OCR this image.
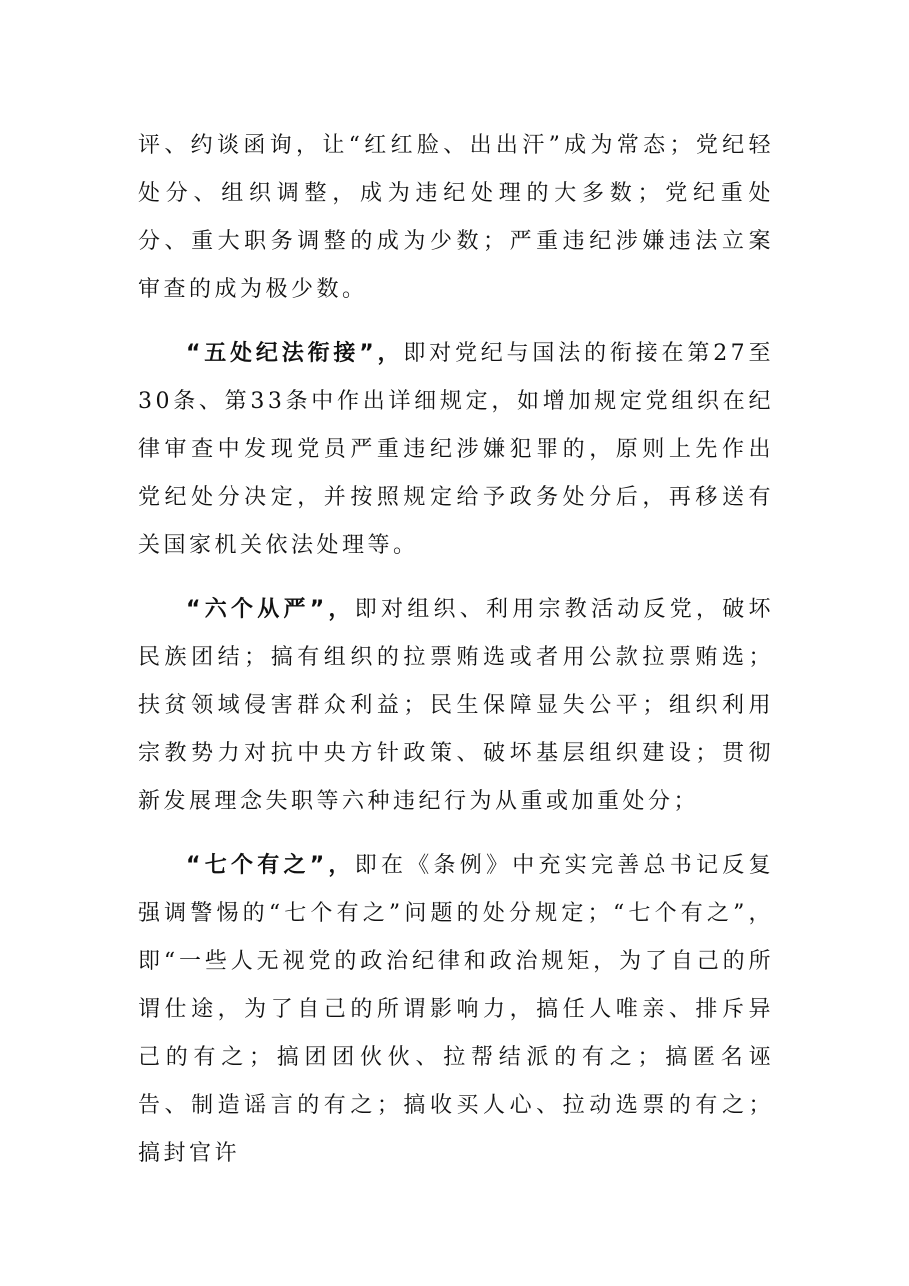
评、约谈函询，让“红红脸、出出汗”成为常态；党纪轻处分、组织调整，成为违纪处理的大多数；党纪重处分、重大职务调整的成为少数；严重违纪涉嫌违法立案审查的成为极少数。

“五处纪法衔接”，即对党纪与国法的衔接在第27至30条、第33条中作出详细规定，如增加规定党组织在纪律审查中发现党员严重违纪涉嫌犯罪的，原则上先作出党纪处分决定，并按照规定给予政务处分后，再移送有关国家机关依法处理等。

“六个从严”，即对组织、利用宗教活动反党，破坏民族团结；搞有组织的拉票贿选或者用公款拉票贿选；扶贫领域侵害群众利益；民生保障显失公平；组织利用宗教势力对抗中央方针政策、破坏基层组织建设；贯彻新发展理念失职等六种违纪行为从重或加重处分；

“七个有之”，即在《条例》中充实完善总书记反复强调警惕的“七个有之”问题的处分规定；“七个有之”，即“一些人无视党的政治纪律和政治规矩，为了自己的所谓仕途，为了自己的所谓影响力，搞任人唯亲、排斥异己的有之；搞团团伙伙、拉帮结派的有之；搞匿名诬告、制造谣言的有之；搞收买人心、拉动选票的有之；搞封官许
